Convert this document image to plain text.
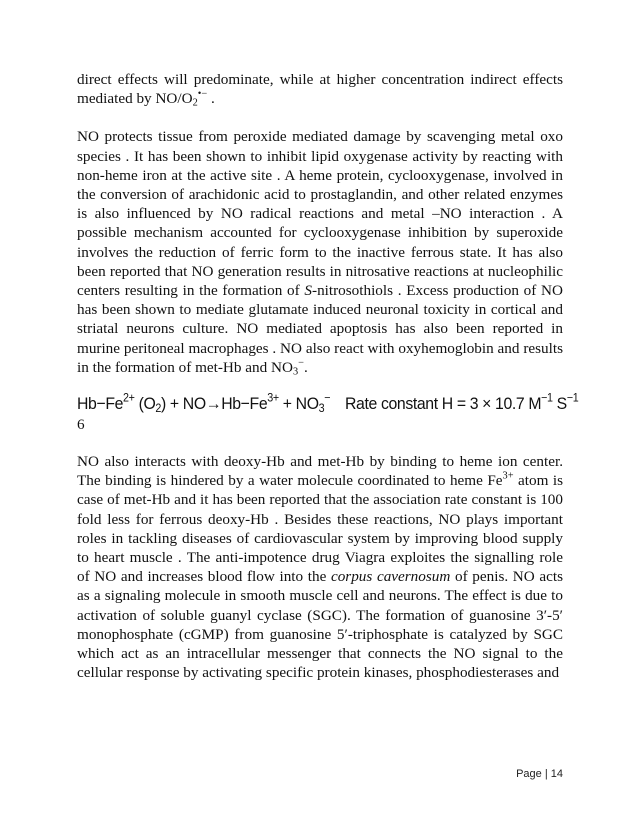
direct effects will predominate, while at higher concentration indirect effects mediated by $NO/O_2^{•-}$ .

NO protects tissue from peroxide mediated damage by scavenging metal oxo species . It has been shown to inhibit lipid oxygenase activity by reacting with non-heme iron at the active site . A heme protein, cyclooxygenase, involved in the conversion of arachidonic acid to prostaglandin, and other related enzymes is also influenced by NO radical reactions and metal –NO interaction . A possible mechanism accounted for cyclooxygenase inhibition by superoxide involves the reduction of ferric form to the inactive ferrous state. It has also been reported that NO generation results in nitrosative reactions at nucleophilic centers resulting in the formation of S-nitrosothiols . Excess production of NO has been shown to mediate glutamate induced neuronal toxicity in cortical and striatal neurons culture. NO mediated apoptosis has also been reported in murine peritoneal macrophages . NO also react with oxyhemoglobin and results in the formation of met-Hb and $NO_3^-$.

$Hb-Fe^{2+}$ $(O_2) + NO\to Hb-Fe^{3+} + NO_3^-$ Rate constant H = 3 × 10.7 $M^{-1}$ $S^{-1}$

6

NO also interacts with deoxy-Hb and met-Hb by binding to heme ion center. The binding is hindered by a water molecule coordinated to heme $Fe^{3+}$ atom is case of met-Hb and it has been reported that the association rate constant is 100 fold less for ferrous deoxy-Hb . Besides these reactions, NO plays important roles in tackling diseases of cardiovascular system by improving blood supply to heart muscle . The anti-impotence drug Viagra exploites the signalling role of NO and increases blood flow into the corpus cavernosum of penis. NO acts as a signaling molecule in smooth muscle cell and neurons. The effect is due to activation of soluble guanyl cyclase (SGC). The formation of guanosine 3′-5′ monophosphate (cGMP) from guanosine 5′-triphosphate is catalyzed by SGC which act as an intracellular messenger that connects the NO signal to the cellular response by activating specific protein kinases, phosphodiesterases and

Page | 14
